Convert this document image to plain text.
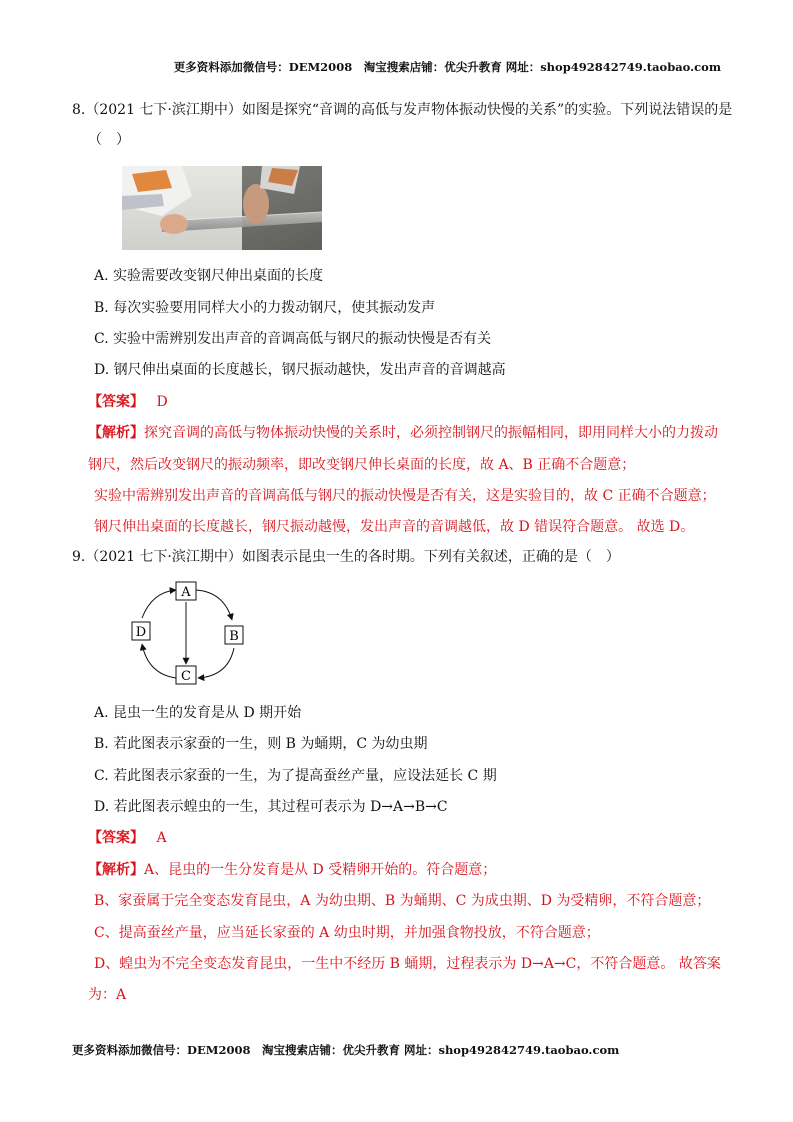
更多资料添加微信号：DEM2008　淘宝搜索店铺：优尖升教育 网址：shop492842749.taobao.com
8.（2021 七下·滨江期中）如图是探究“音调的高低与发声物体振动快慢的关系”的实验。下列说法错误的是
（　）
A. 实验需要改变钢尺伸出桌面的长度
B. 每次实验要用同样大小的力拨动钢尺，使其振动发声
C. 实验中需辨别发出声音的音调高低与钢尺的振动快慢是否有关
D. 钢尺伸出桌面的长度越长，钢尺振动越快，发出声音的音调越高
【答案】 D
【解析】探究音调的高低与物体振动快慢的关系时，必须控制钢尺的振幅相同，即用同样大小的力拨动
钢尺，然后改变钢尺的振动频率，即改变钢尺伸长桌面的长度，故 A、B 正确不合题意；
实验中需辨别发出声音的音调高低与钢尺的振动快慢是否有关，这是实验目的，故 C 正确不合题意；
钢尺伸出桌面的长度越长，钢尺振动越慢，发出声音的音调越低，故 D 错误符合题意。 故选 D。
9.（2021 七下·滨江期中）如图表示昆虫一生的各时期。下列有关叙述，正确的是（　）
A
B
C
D
A. 昆虫一生的发育是从 D 期开始
B. 若此图表示家蚕的一生，则 B 为蛹期，C 为幼虫期
C. 若此图表示家蚕的一生，为了提高蚕丝产量，应设法延长 C 期
D. 若此图表示蝗虫的一生，其过程可表示为 D→A→B→C
【答案】 A
【解析】A、昆虫的一生分发育是从 D 受精卵开始的。符合题意；
B、家蚕属于完全变态发育昆虫，A 为幼虫期、B 为蛹期、C 为成虫期、D 为受精卵，不符合题意；
C、提高蚕丝产量，应当延长家蚕的 A 幼虫时期，并加强食物投放，不符合题意；
D、蝗虫为不完全变态发育昆虫，一生中不经历 B 蛹期，过程表示为 D→A→C，不符合题意。 故答案
为：A
更多资料添加微信号：DEM2008　淘宝搜索店铺：优尖升教育 网址：shop492842749.taobao.com
